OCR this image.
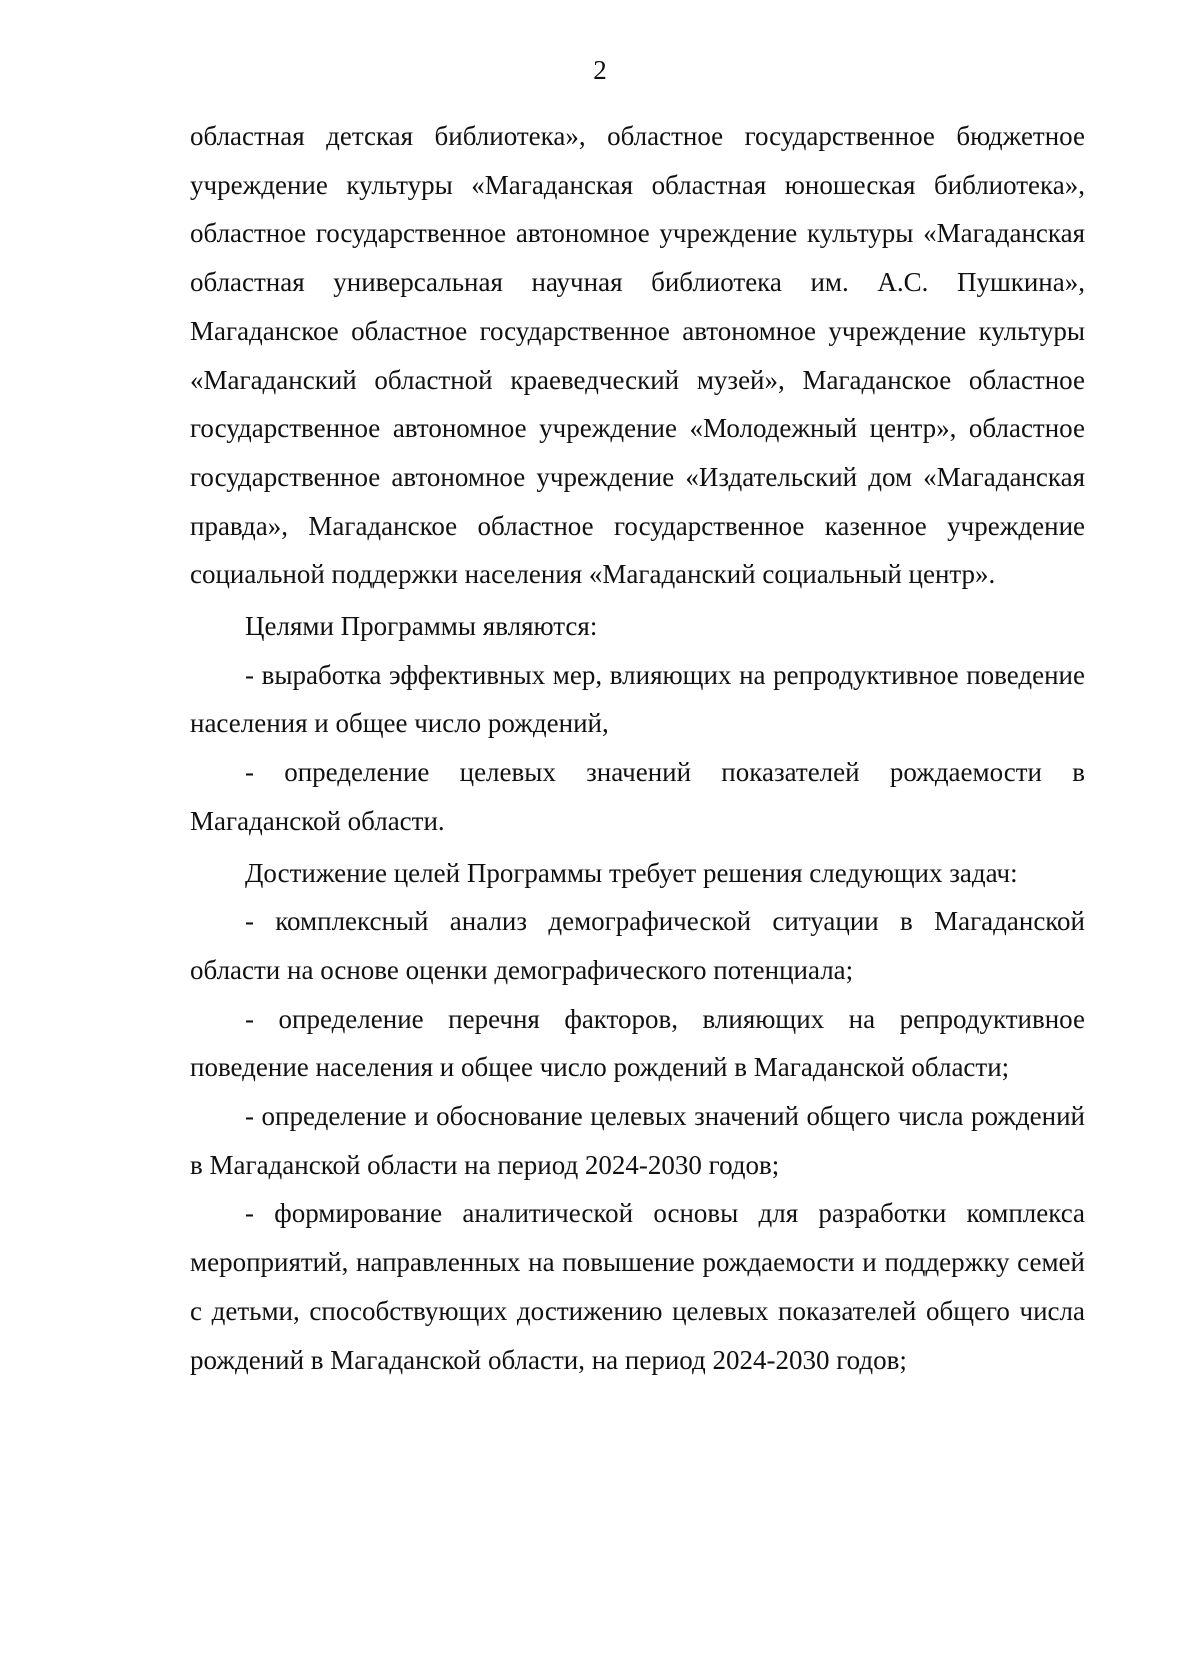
2

областная детская библиотека», областное государственное бюджетное учреждение культуры «Магаданская областная юношеская библиотека», областное государственное автономное учреждение культуры «Магаданская областная универсальная научная библиотека им. А.С. Пушкина», Магаданское областное государственное автономное учреждение культуры «Магаданский областной краеведческий музей», Магаданское областное государственное автономное учреждение «Молодежный центр», областное государственное автономное учреждение «Издательский дом «Магаданская правда», Магаданское областное государственное казенное учреждение социальной поддержки населения «Магаданский социальный центр».

Целями Программы являются:

- выработка эффективных мер, влияющих на репродуктивное поведение населения и общее число рождений,

- определение целевых значений показателей рождаемости в Магаданской области.

Достижение целей Программы требует решения следующих задач:

- комплексный анализ демографической ситуации в Магаданской области на основе оценки демографического потенциала;

- определение перечня факторов, влияющих на репродуктивное поведение населения и общее число рождений в Магаданской области;

- определение и обоснование целевых значений общего числа рождений в Магаданской области на период 2024-2030 годов;

- формирование аналитической основы для разработки комплекса мероприятий, направленных на повышение рождаемости и поддержку семей с детьми, способствующих достижению целевых показателей общего числа рождений в Магаданской области, на период 2024-2030 годов;
